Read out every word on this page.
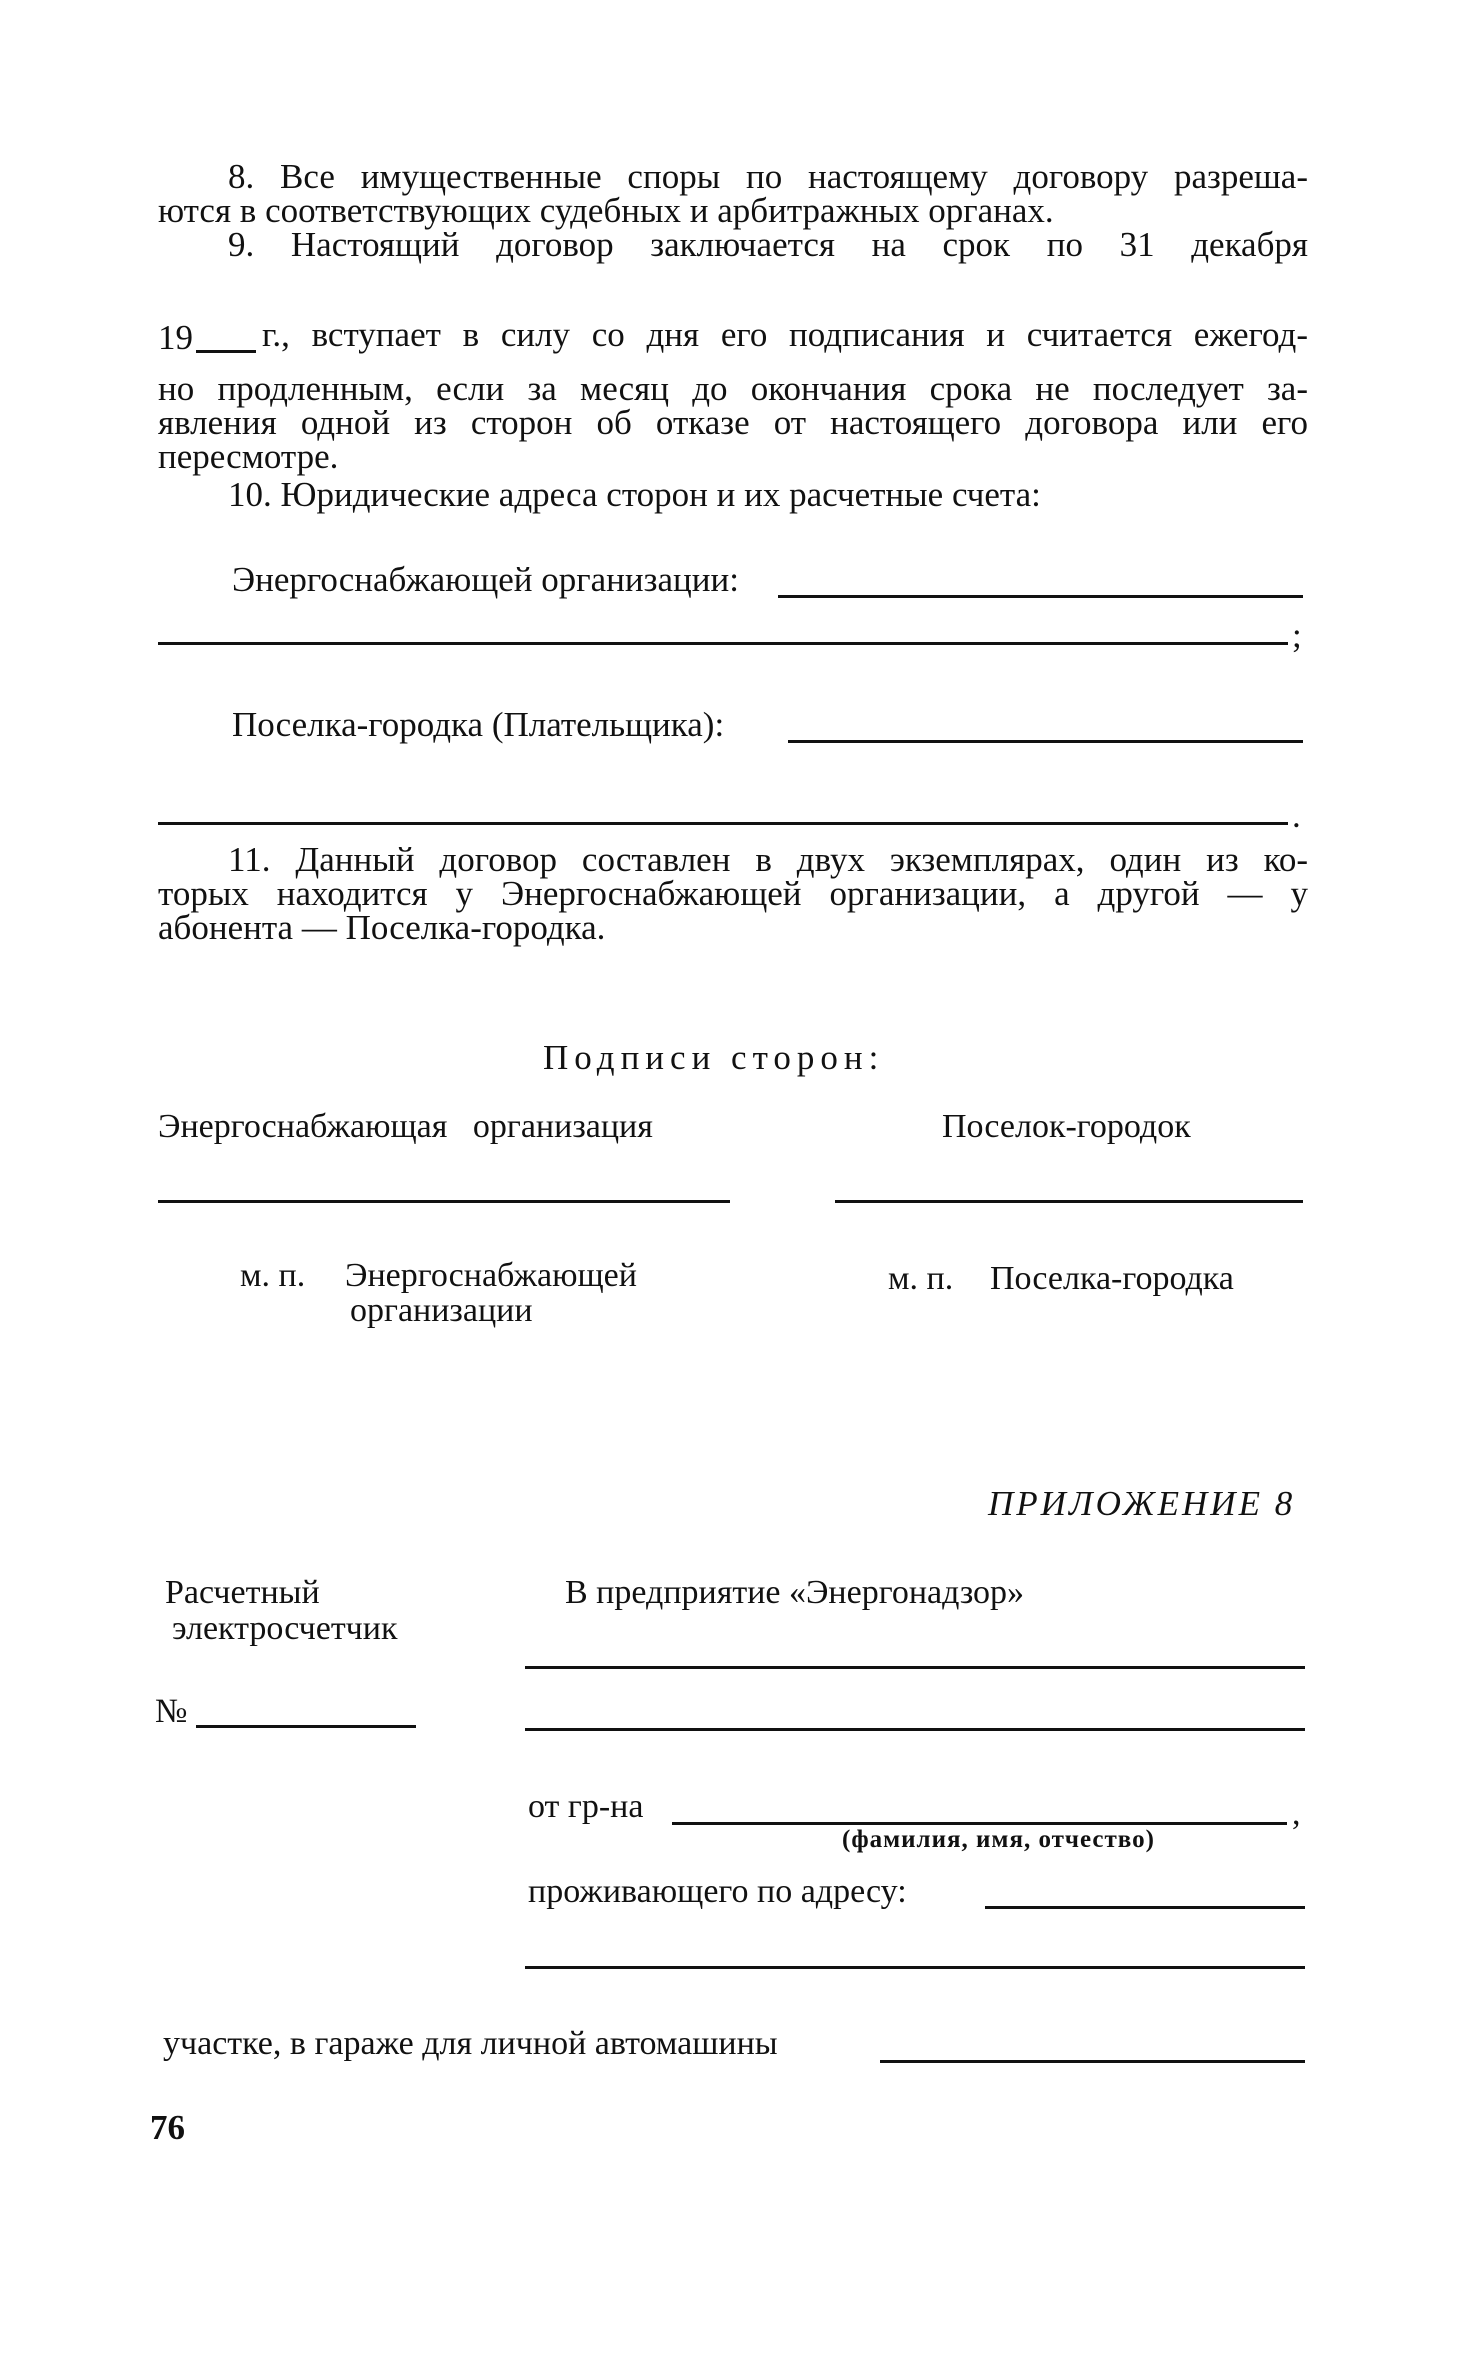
8. Все имущественные споры по настоящему договору разреша-
ются в соответствующих судебных и арбитражных органах.
9. Настоящий договор заключается на срок по 31 декабря
19 г., вступает в силу со дня его подписания и считается ежегод-
но продленным, если за месяц до окончания срока не последует за-
явления одной из сторон об отказе от настоящего договора или его
пересмотре.
10. Юридические адреса сторон и их расчетные счета:
Энергоснабжающей организации:
;
Поселка-городка (Плательщика):
.
11. Данный договор составлен в двух экземплярах, один из ко-
торых находится у Энергоснабжающей организации, а другой — у
абонента — Поселка-городка.
Подписи сторон:
Энергоснабжающая   организация	Поселок-городок
м. п. Энергоснабжающей
организации
м. п. Поселка-городка
ПРИЛОЖЕНИЕ 8
Расчетный
электросчетчик
№
В предприятие «Энергонадзор»
от гр-на	,
(фамилия, имя, отчество)
проживающего по адресу:
участке, в гараже для личной автомашины
76
